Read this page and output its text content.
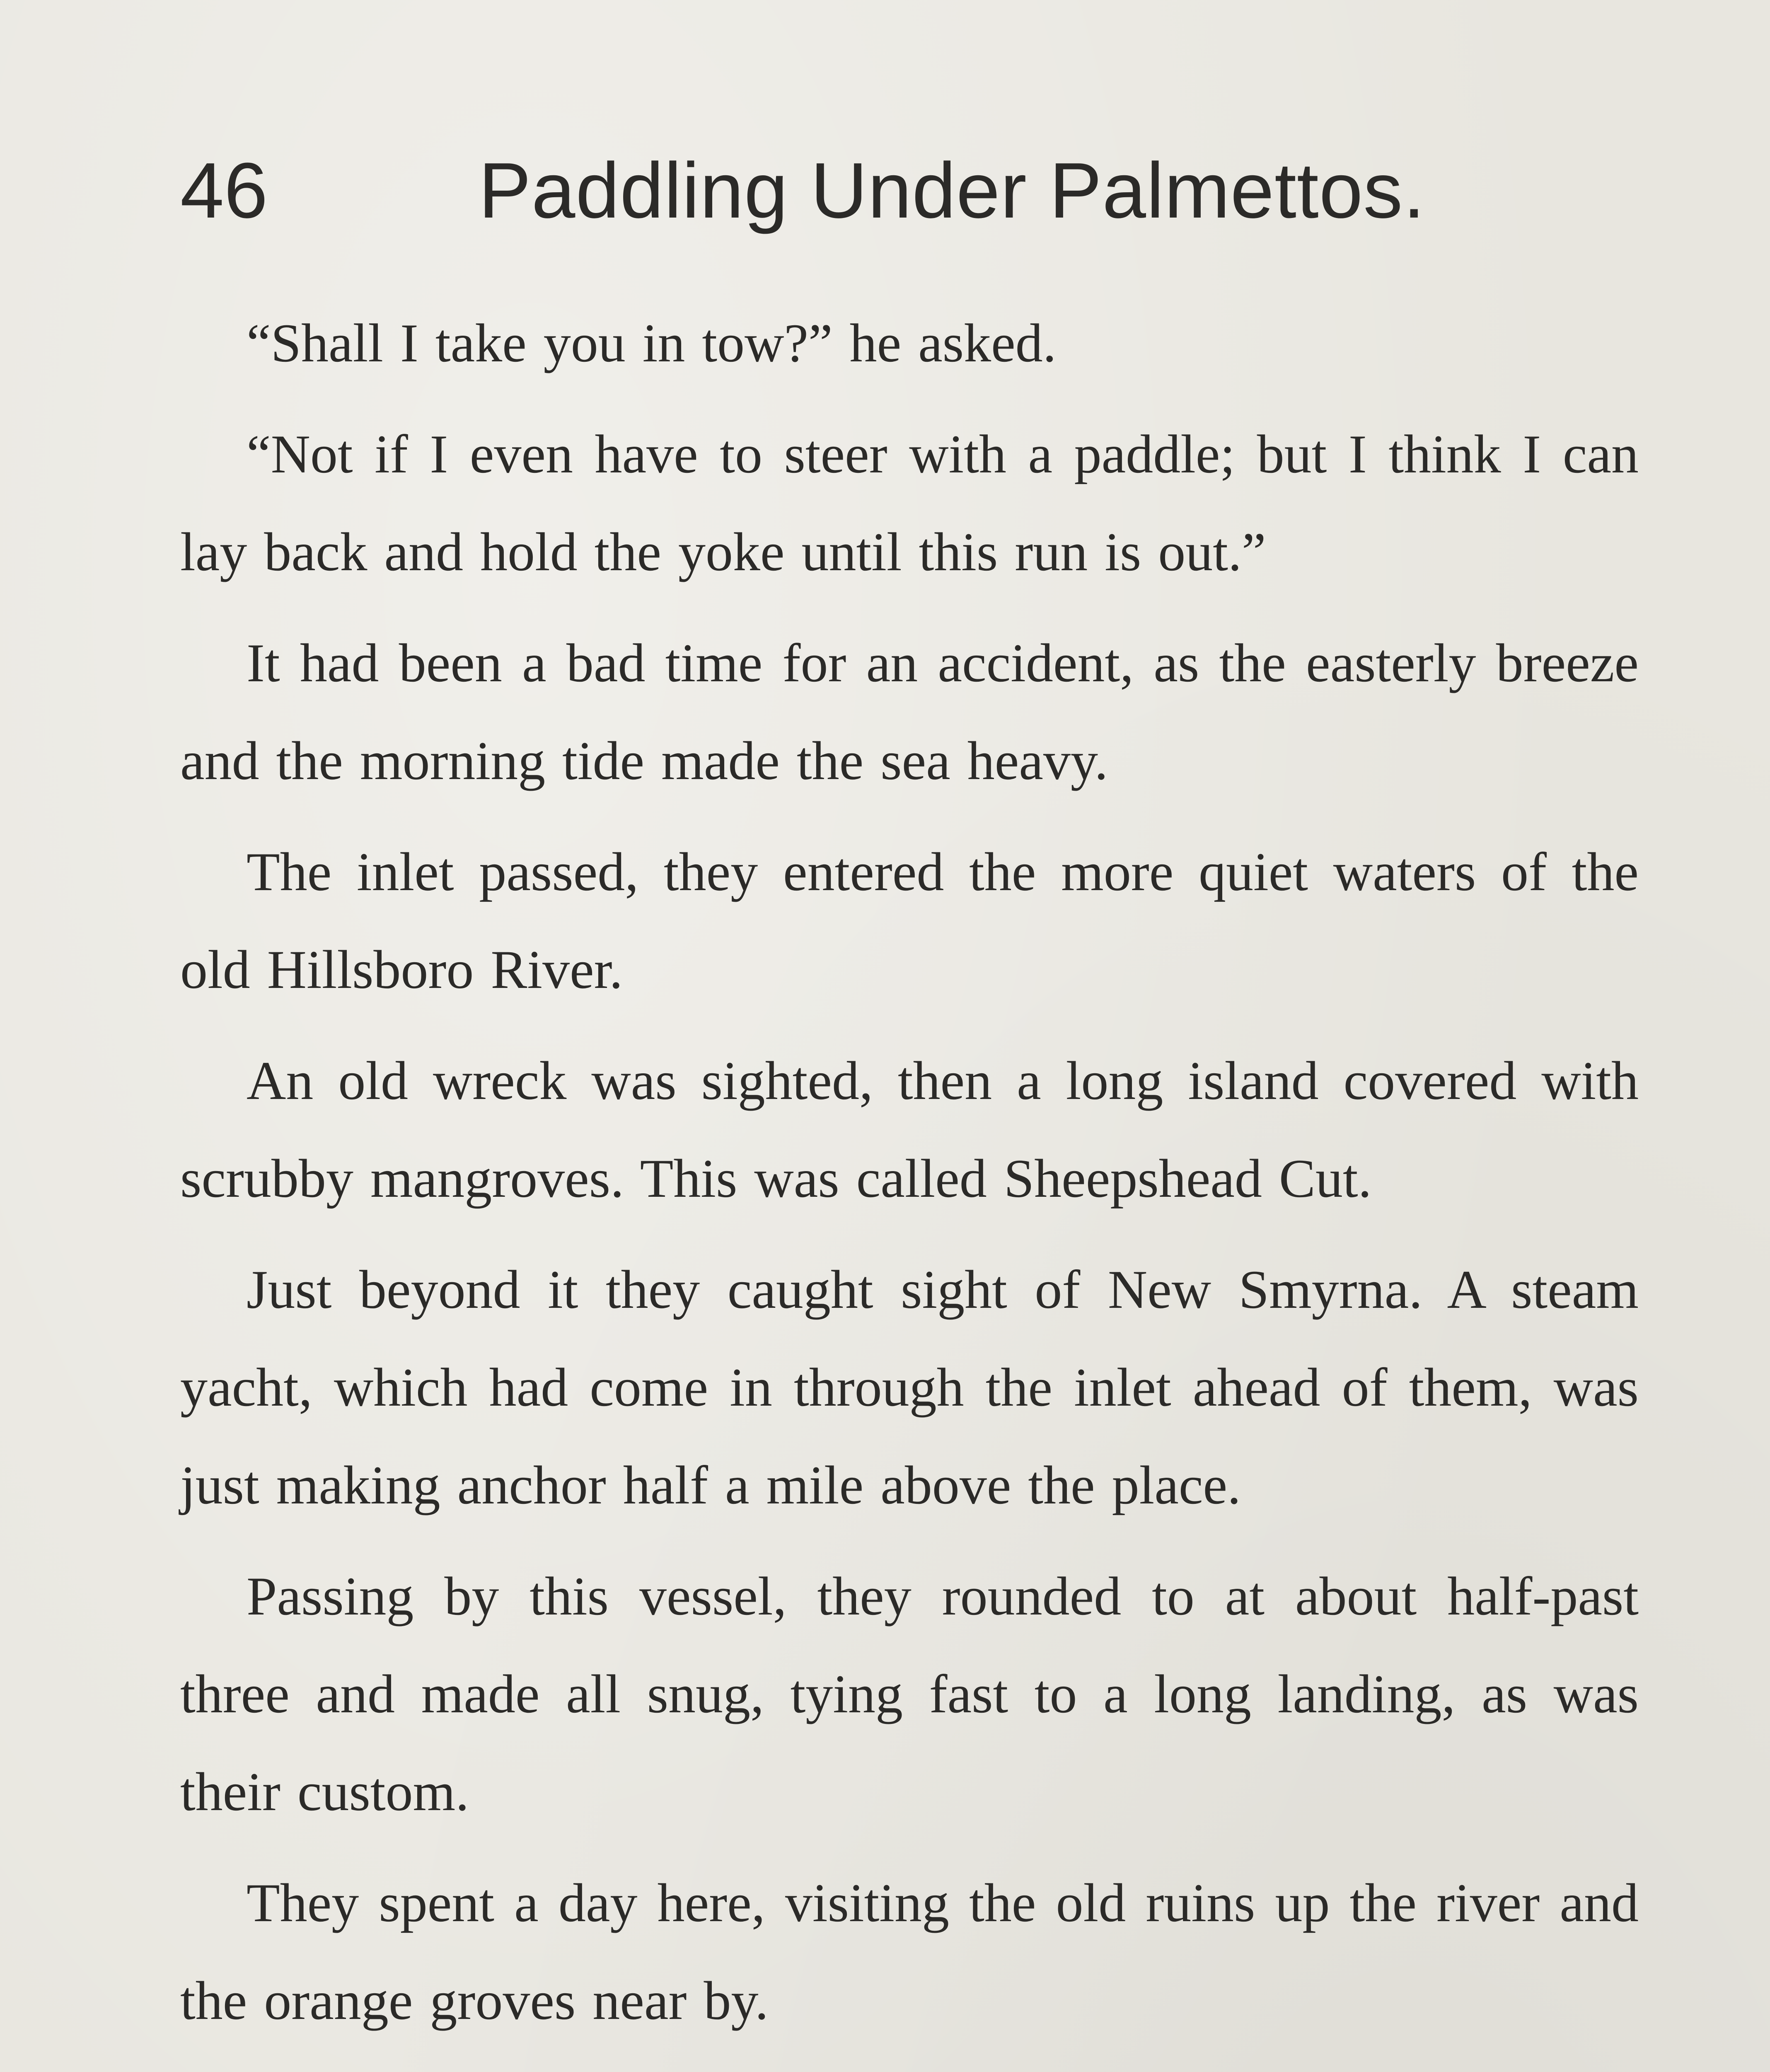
46	Paddling Under Palmettos.

“Shall I take you in tow?” he asked.

“Not if I even have to steer with a paddle; but I think I can lay back and hold the yoke until this run is out.”

It had been a bad time for an accident, as the easterly breeze and the morning tide made the sea heavy.

The inlet passed, they entered the more quiet waters of the old Hillsboro River.

An old wreck was sighted, then a long island covered with scrubby mangroves. This was called Sheepshead Cut.

Just beyond it they caught sight of New Smyrna. A steam yacht, which had come in through the inlet ahead of them, was just making anchor half a mile above the place.

Passing by this vessel, they rounded to at about half-past three and made all snug, tying fast to a long landing, as was their custom.

They spent a day here, visiting the old ruins up the river and the orange groves near by.
